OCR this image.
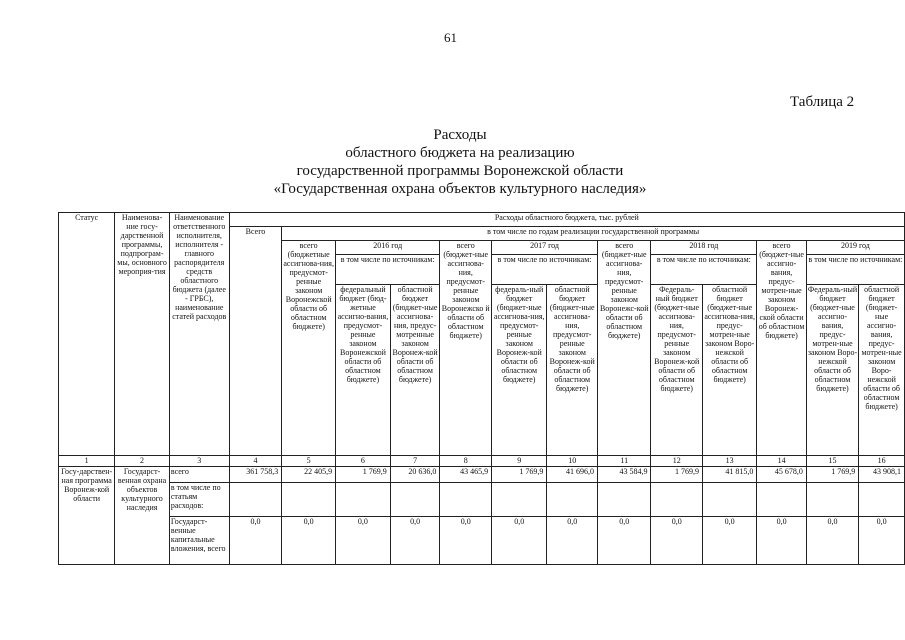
61
Таблица 2
Расходы
областного бюджета на реализацию
государственной программы Воронежской области
«Государственная охрана объектов культурного наследия»
Статус	Наименова-ние госу-дарственной программы, подпрограм-мы, основного мероприя-тия	Наименование ответственного исполнителя, исполнителя - главного распорядителя средств областного бюджета (далее - ГРБС), наименование статей расходов	Расходы областного бюджета, тыс. рублей												
			Всего	в том числе по годам реализации государственной программы											
				всего (бюджетные ассигнова-ния, предусмот-ренные законом Воронежской области об областном бюджете)	2016 год		всего (бюджет-ные ассигнова-ния, предусмот-ренные законом Воронежско й области об областном бюджете)	2017 год		всего (бюджет-ные ассигнова-ния, предусмот-ренные законом Воронежс-кой области об областном бюджете)	2018 год		всего (бюджет-ные ассигно-вания, предус-мотрен-ные законом Воронеж-ской области об областном бюджете)	2019 год	
					в том числе по источникам:			в том числе по источникам:			в том числе по источникам:			в том числе по источникам:	
					федеральный бюджет (бюд-жетные ассигно-вания, предусмот-ренные законом Воронежской области об областном бюджете)	областной бюджет (бюджет-ные ассигнова-ния, предус-мотренные законом Воронеж-кой области об областном бюджете)		федераль-ный бюджет (бюджет-ные ассигнова-ния, предусмот-ренные законом Воронеж-кой области об областном бюджете)	областной бюджет (бюджет-ные ассигнова-ния, предусмот-ренные законом Воронеж-кой области об областном бюджете)		Федераль-ный бюджет (бюджет-ные ассигнова-ния, предусмот-ренные законом Воронеж-кой области об областном бюджете)	областной бюджет (бюджет-ные ассигнова-ния, предус-мотрен-ные законом Воро-нежской области об областном бюджете)		Федераль-ный бюджет (бюджет-ные ассигно-вания, предус-мотрен-ные законом Воро-нежской области об областном бюджете)	областной бюджет (бюджет-ные ассигно-вания, предус-мотрен-ные законом Воро-нежской области об областном бюджете)
1	2	3	4	5	6	7	8	9	10	11	12	13	14	15	16
Госу-дарствен-ная программа Воронеж-кой области	Государст-венная охрана объектов культурного наследия	всего	361 758,3	22 405,9	1 769,9	20 636,0	43 465,9	1 769,9	41 696,0	43 584,9	1 769,9	41 815,0	45 678,0	1 769,9	43 908,1
		в том числе по статьям расходов:													
		Государст-венные капитальные вложения, всего	0,0	0,0	0,0	0,0	0,0	0,0	0,0	0,0	0,0	0,0	0,0	0,0	0,0
